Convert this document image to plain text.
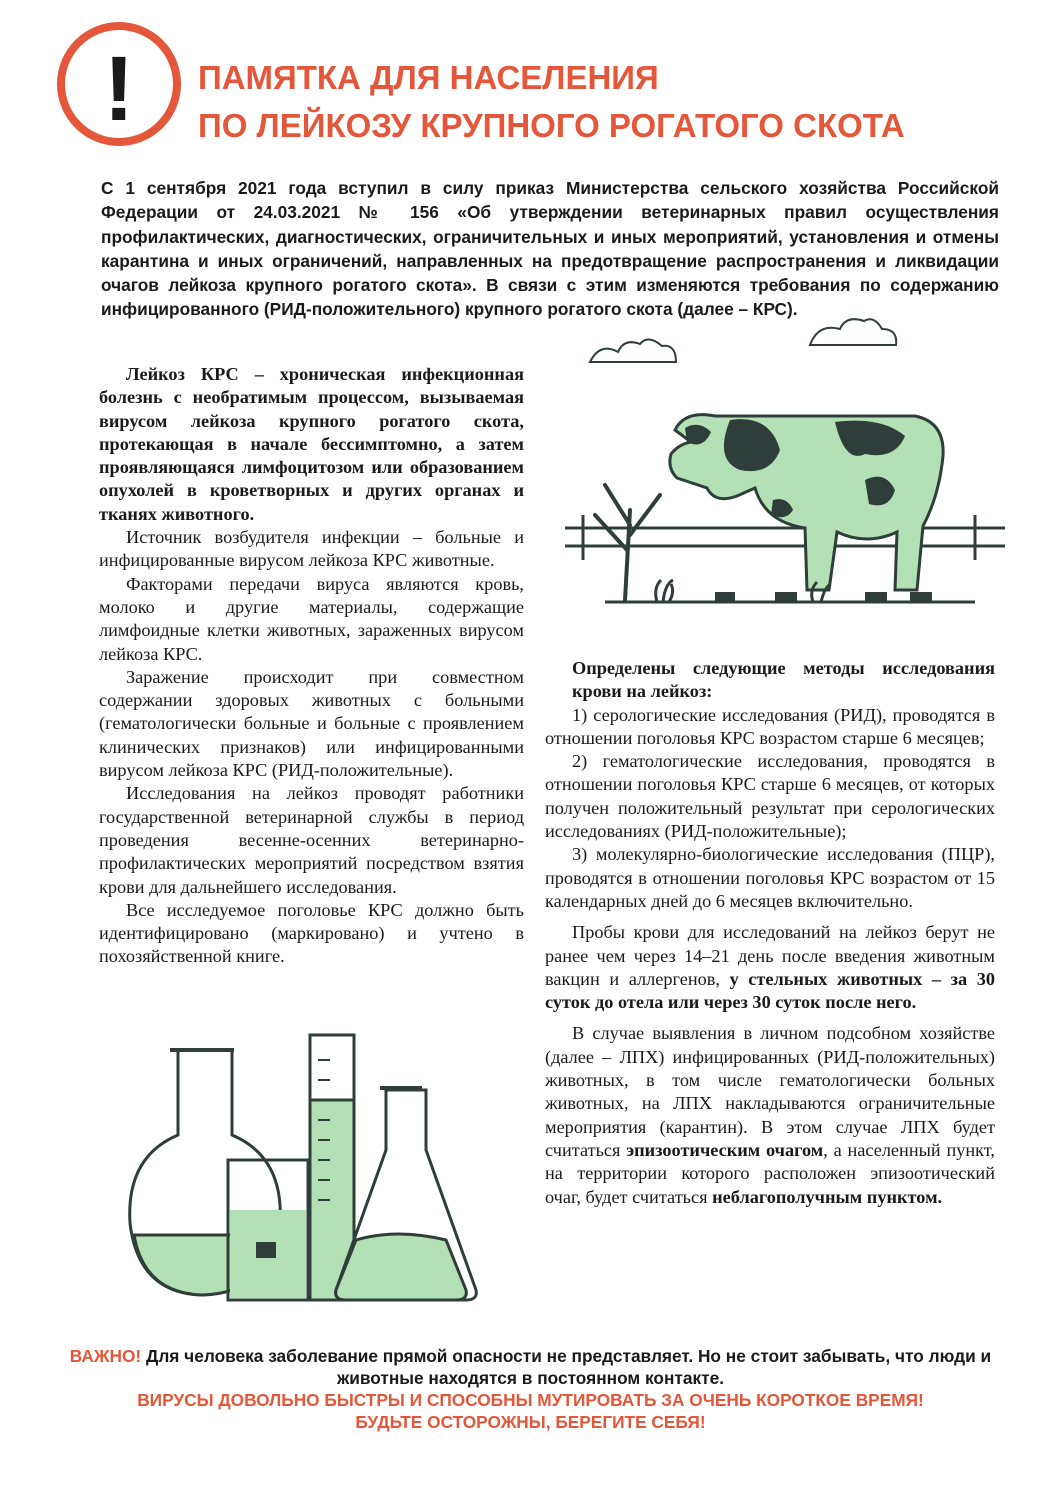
! ПАМЯТКА ДЛЯ НАСЕЛЕНИЯ
ПО ЛЕЙКОЗУ КРУПНОГО РОГАТОГО СКОТА

С 1 сентября 2021 года вступил в силу приказ Министерства сельского хозяйства Российской Федерации от 24.03.2021 № 156 «Об утверждении ветеринарных правил осуществления профилактических, диагностических, ограничительных и иных мероприятий, установления и отмены карантина и иных ограничений, направленных на предотвращение распространения и ликвидации очагов лейкоза крупного рогатого скота». В связи с этим изменяются требования по содержанию инфицированного (РИД-положительного) крупного рогатого скота (далее – КРС).

Лейкоз КРС – хроническая инфекционная болезнь с необратимым процессом, вызываемая вирусом лейкоза крупного рогатого скота, протекающая в начале бессимптомно, а затем проявляющаяся лимфоцитозом или образованием опухолей в кроветворных и других органах и тканях животного.

Источник возбудителя инфекции – больные и инфицированные вирусом лейкоза КРС животные.

Факторами передачи вируса являются кровь, молоко и другие материалы, содержащие лимфоидные клетки животных, зараженных вирусом лейкоза КРС.

Заражение происходит при совместном содержании здоровых животных с больными (гематологически больные и больные с проявлением клинических признаков) или инфицированными вирусом лейкоза КРС (РИД-положительные).

Исследования на лейкоз проводят работники государственной ветеринарной службы в период проведения весенне-осенних ветеринарно-профилактических мероприятий посредством взятия крови для дальнейшего исследования.

Все исследуемое поголовье КРС должно быть идентифицировано (маркировано) и учтено в похозяйственной книге.

Определены следующие методы исследования крови на лейкоз:

1) серологические исследования (РИД), проводятся в отношении поголовья КРС возрастом старше 6 месяцев;

2) гематологические исследования, проводятся в отношении поголовья КРС старше 6 месяцев, от которых получен положительный результат при серологических исследованиях (РИД-положительные);

3) молекулярно-биологические исследования (ПЦР), проводятся в отношении поголовья КРС возрастом от 15 календарных дней до 6 месяцев включительно.

Пробы крови для исследований на лейкоз берут не ранее чем через 14–21 день после введения животным вакцин и аллергенов, у стельных животных – за 30 суток до отела или через 30 суток после него.

В случае выявления в личном подсобном хозяйстве (далее – ЛПХ) инфицированных (РИД-положительных) животных, в том числе гематологически больных животных, на ЛПХ накладываются ограничительные мероприятия (карантин). В этом случае ЛПХ будет считаться эпизоотическим очагом, а населенный пункт, на территории которого расположен эпизоотический очаг, будет считаться неблагополучным пунктом.

ВАЖНО! Для человека заболевание прямой опасности не представляет. Но не стоит забывать, что люди и животные находятся в постоянном контакте.
ВИРУСЫ ДОВОЛЬНО БЫСТРЫ И СПОСОБНЫ МУТИРОВАТЬ ЗА ОЧЕНЬ КОРОТКОЕ ВРЕМЯ!
БУДЬТЕ ОСТОРОЖНЫ, БЕРЕГИТЕ СЕБЯ!
